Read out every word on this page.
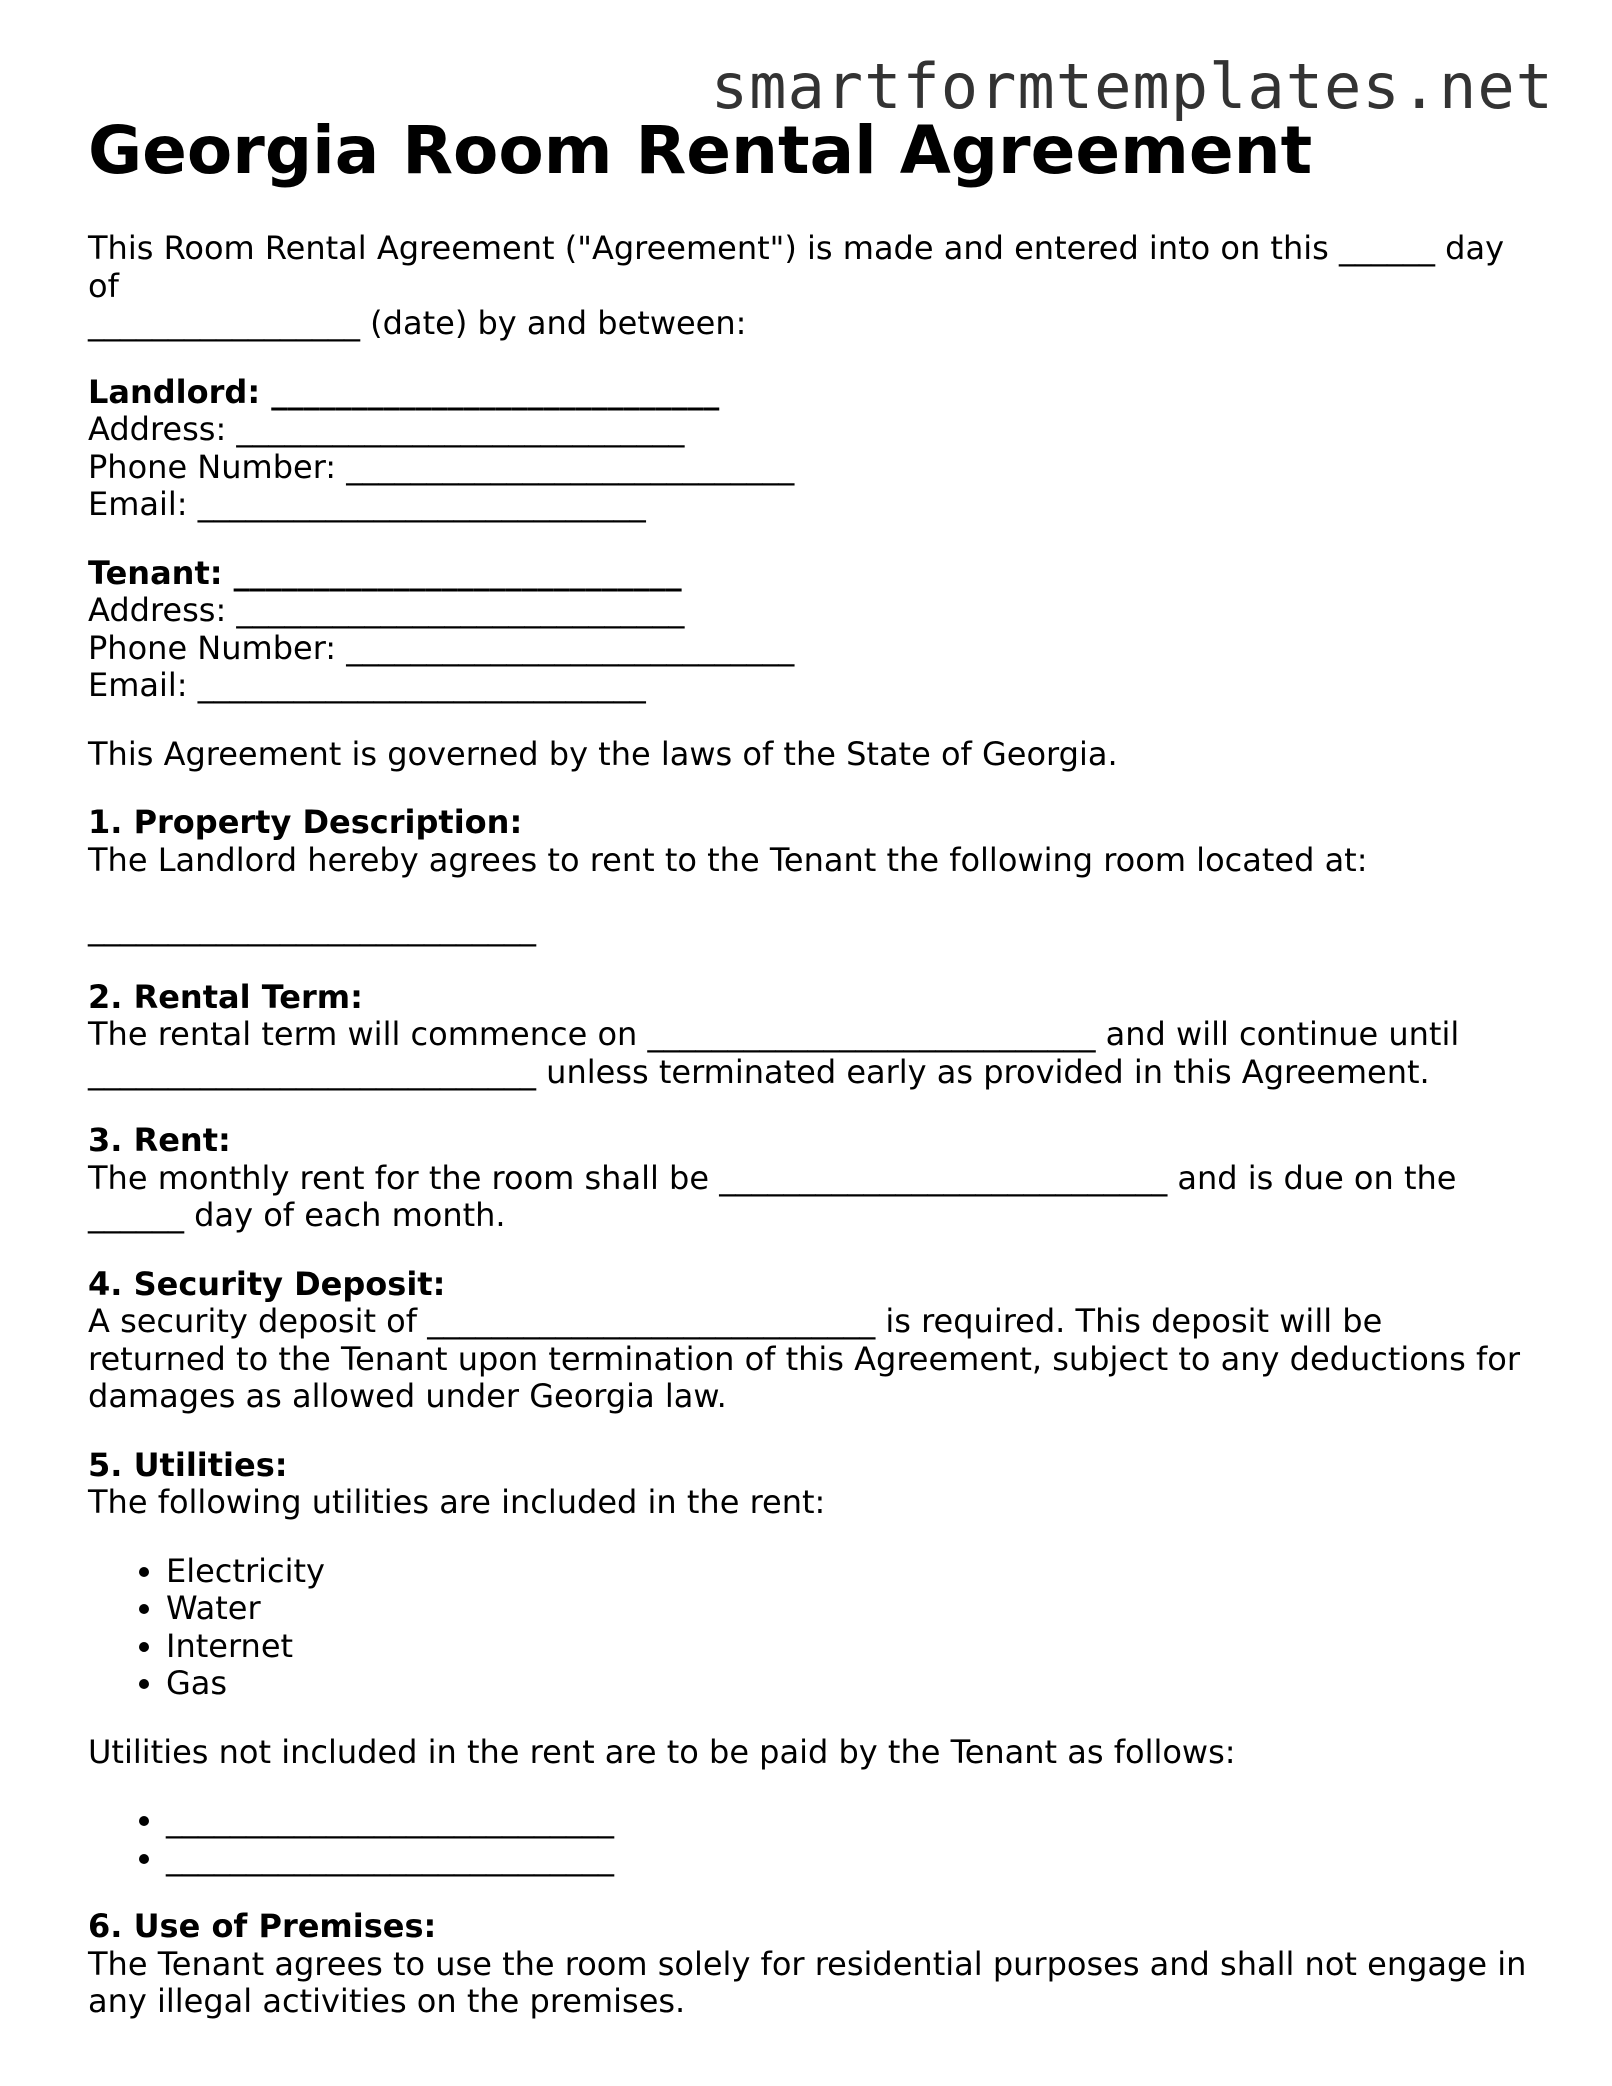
smartformtemplates.net
Georgia Room Rental Agreement

This Room Rental Agreement ("Agreement") is made and entered into on this ______ day of
_________________ (date) by and between:

Landlord: ____________________________
Address: ____________________________
Phone Number: ____________________________
Email: ____________________________

Tenant: ____________________________
Address: ____________________________
Phone Number: ____________________________
Email: ____________________________

This Agreement is governed by the laws of the State of Georgia.

1. Property Description:
The Landlord hereby agrees to rent to the Tenant the following room located at:

____________________________

2. Rental Term:
The rental term will commence on ____________________________ and will continue until
____________________________ unless terminated early as provided in this Agreement.

3. Rent:
The monthly rent for the room shall be ____________________________ and is due on the
______ day of each month.

4. Security Deposit:
A security deposit of ____________________________ is required. This deposit will be
returned to the Tenant upon termination of this Agreement, subject to any deductions for
damages as allowed under Georgia law.

5. Utilities:
The following utilities are included in the rent:

• Electricity
• Water
• Internet
• Gas

Utilities not included in the rent are to be paid by the Tenant as follows:

• ____________________________
• ____________________________

6. Use of Premises:
The Tenant agrees to use the room solely for residential purposes and shall not engage in
any illegal activities on the premises.
